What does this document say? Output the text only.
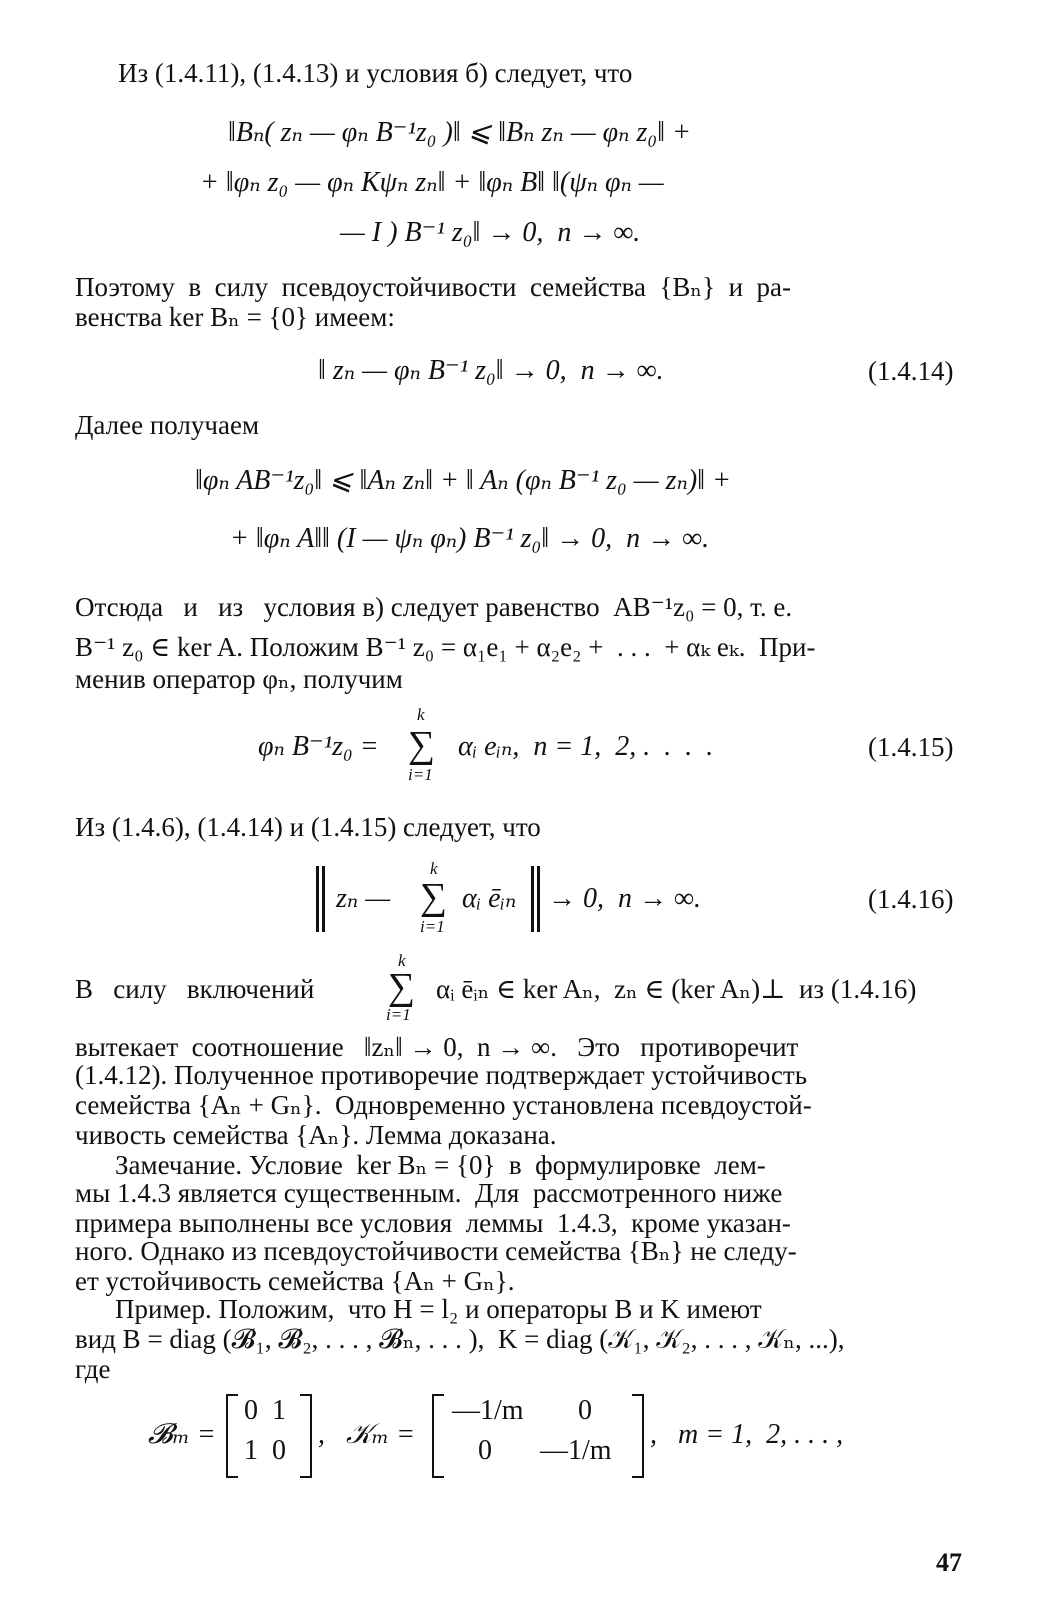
Из (1.4.11), (1.4.13) и условия б) следует, что
‖Bₙ( zₙ — φₙ B⁻¹z₀ )‖ ⩽ ‖Bₙ zₙ — φₙ z₀‖ +
+ ‖φₙ z₀ — φₙ Kψₙ zₙ‖ + ‖φₙ B‖ ‖(ψₙ φₙ —
— I ) B⁻¹ z₀‖ → 0,  n → ∞.
Поэтому  в  силу  псевдоустойчивости  семейства  {Bₙ}  и  ра-
венства ker Bₙ = {0} имеем:
‖ zₙ — φₙ B⁻¹ z₀‖ → 0,  n → ∞.	(1.4.14)
Далее получаем
‖φₙ AB⁻¹z₀‖ ⩽ ‖Aₙ zₙ‖ + ‖ Aₙ (φₙ B⁻¹ z₀ — zₙ)‖ +
+ ‖φₙ A‖‖ (I — ψₙ φₙ) B⁻¹ z₀‖ → 0,  n → ∞.
Отсюда   и   из   условия в) следует равенство  AB⁻¹z₀ = 0, т. е.
B⁻¹ z₀ ∈ ker A. Положим B⁻¹ z₀ = α₁e₁ + α₂e₂ +  . . .  + αₖ eₖ.  При-
менив оператор φₙ, получим
φₙ B⁻¹z₀ =
k
∑
i=1
αᵢ eᵢₙ,  n = 1,  2, .  .  .  .	(1.4.15)
Из (1.4.6), (1.4.14) и (1.4.15) следует, что
zₙ —
k
∑
i=1
αᵢ ēᵢₙ → 0,  n → ∞.	(1.4.16)
В   силу   включений
k
∑
i=1
αᵢ ēᵢₙ ∈ ker Aₙ,  zₙ ∈ (ker Aₙ)⊥  из (1.4.16)
вытекает  соотношение   ‖zₙ‖ → 0,  n → ∞.   Это   противоречит
(1.4.12). Полученное противоречие подтверждает устойчивость
семейства {Aₙ + Gₙ}.  Одновременно установлена псевдоустой-
чивость семейства {Aₙ}. Лемма доказана.
Замечание. Условие  ker Bₙ = {0}  в  формулировке  лем-
мы 1.4.3 является существенным.  Для  рассмотренного ниже
примера выполнены все условия  леммы  1.4.3,  кроме указан-
ного. Однако из псевдоустойчивости семейства {Bₙ} не следу-
ет устойчивость семейства {Aₙ + Gₙ}.
Пример. Положим,  что H = l₂ и операторы B и K имеют
вид B = diag (𝓑₁, 𝓑₂, . . . , 𝓑ₙ, . . . ),  K = diag (𝒦₁, 𝒦₂, . . . , 𝒦ₙ, ...),
где
𝓑ₘ =
0  1
1  0
,   𝒦ₘ =
—1/m 0
0 —1/m
,   m = 1,  2, . . . ,
47
